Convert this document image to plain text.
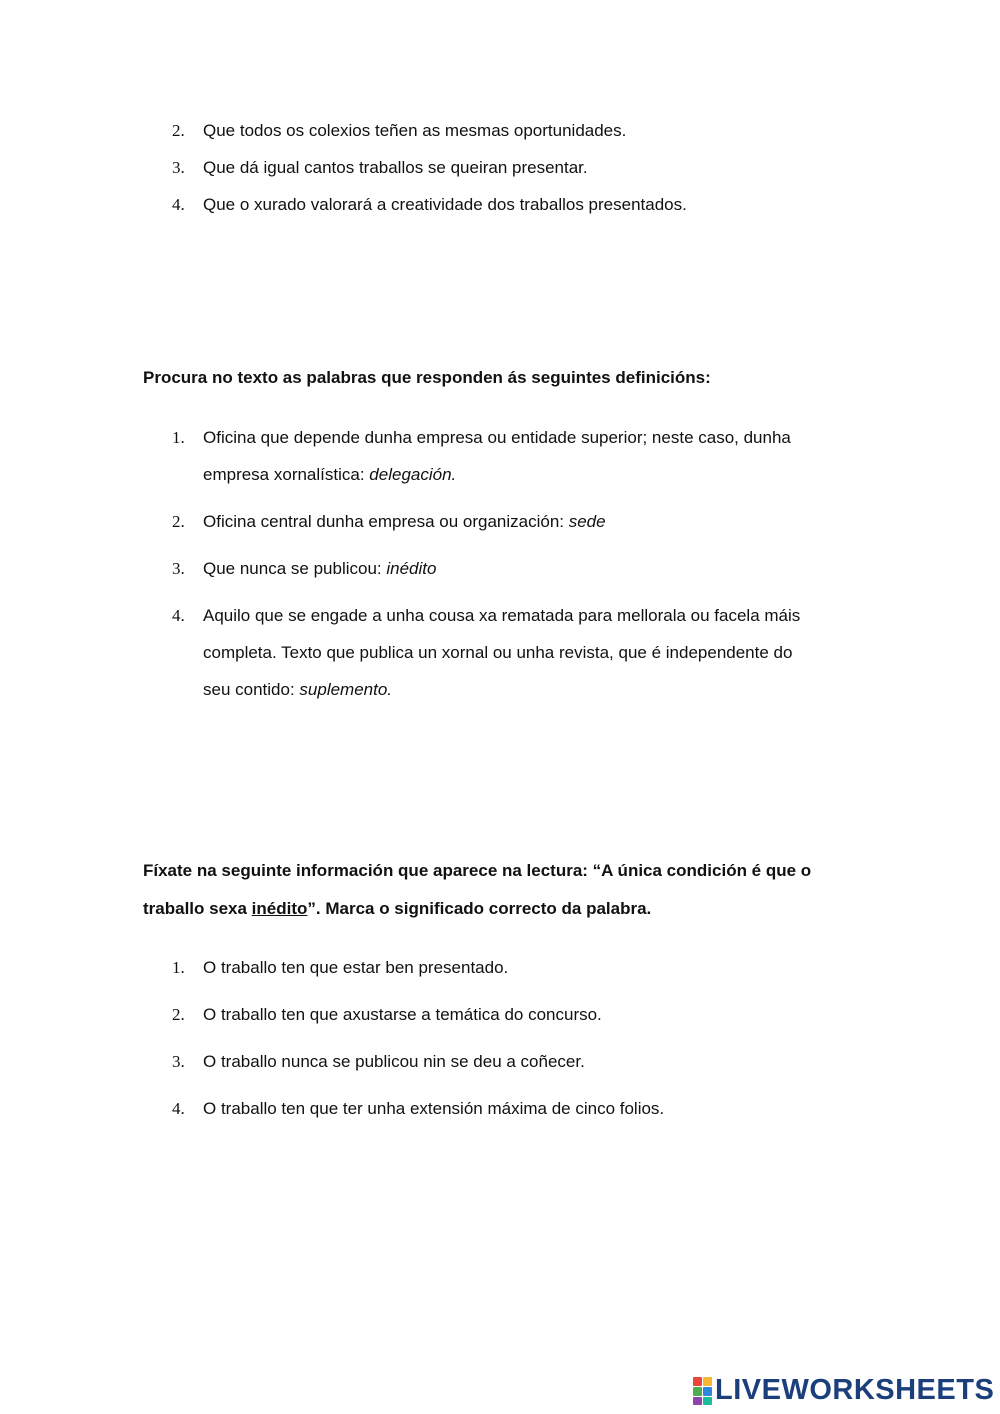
2. Que todos os colexios teñen as mesmas oportunidades.
3. Que dá igual cantos traballos se queiran presentar.
4. Que o xurado valorará a creatividade dos traballos presentados.
Procura no texto as palabras que responden ás seguintes definicións:
1. Oficina que depende dunha empresa ou entidade superior; neste caso, dunha
empresa xornalística: delegación.
2. Oficina central dunha empresa ou organización: sede
3. Que nunca se publicou: inédito
4. Aquilo que se engade a unha cousa xa rematada para mellorala ou facela máis
completa. Texto que publica un xornal ou unha revista, que é independente do
seu contido: suplemento.
Fíxate na seguinte información que aparece na lectura: “A única condición é que o
traballo sexa inédito”. Marca o significado correcto da palabra.
1. O traballo ten que estar ben presentado.
2. O traballo ten que axustarse a temática do concurso.
3. O traballo nunca se publicou nin se deu a coñecer.
4. O traballo ten que ter unha extensión máxima de cinco folios.
LIVEWORKSHEETS
